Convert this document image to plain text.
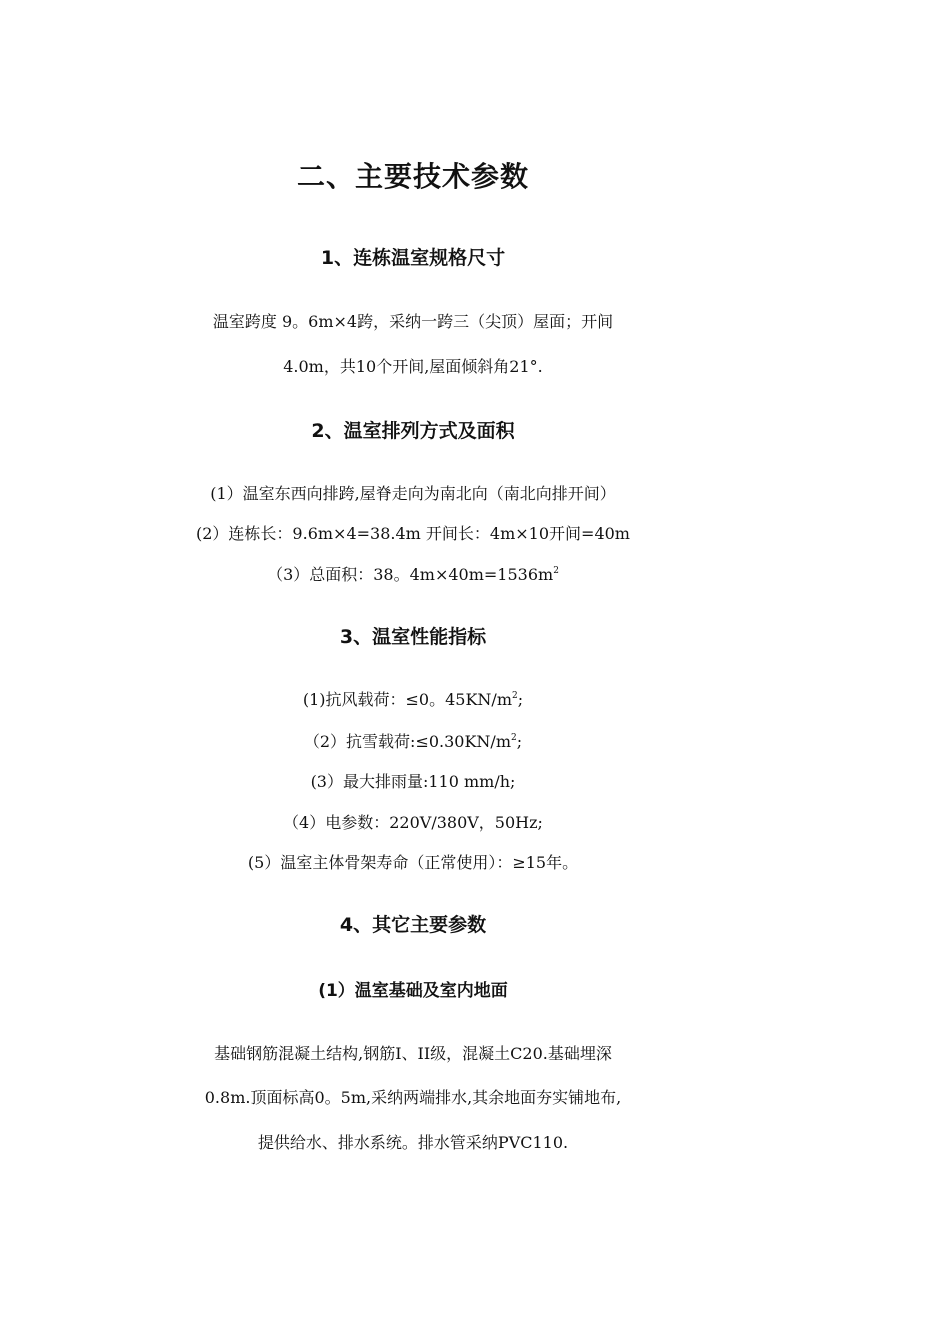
二、主要技术参数
1、连栋温室规格尺寸
温室跨度 9。6m×4跨，采纳一跨三（尖顶）屋面；开间
4.0m，共10个开间,屋面倾斜角21°.
2、温室排列方式及面积
(1）温室东西向排跨,屋脊走向为南北向（南北向排开间）
(2）连栋长：9.6m×4=38.4m 开间长：4m×10开间=40m
（3）总面积：38。$4m\times 40m=1536m^2$
3、温室性能指标
(1)抗风载荷：≤0。$45KN/m^2$;
（2）抗雪载荷$:\le 0.30KN/m^2$;
(3）最大排雨量:110 mm/h;
（4）电参数：220V/380V，50Hz;
(5）温室主体骨架寿命（正常使用）：≥15年。
4、其它主要参数
(1）温室基础及室内地面
基础钢筋混凝土结构,钢筋I、II级，混凝土C20.基础埋深
0.8m.顶面标高0。5m,采纳两端排水,其余地面夯实铺地布,
提供给水、排水系统。排水管采纳PVC110.
